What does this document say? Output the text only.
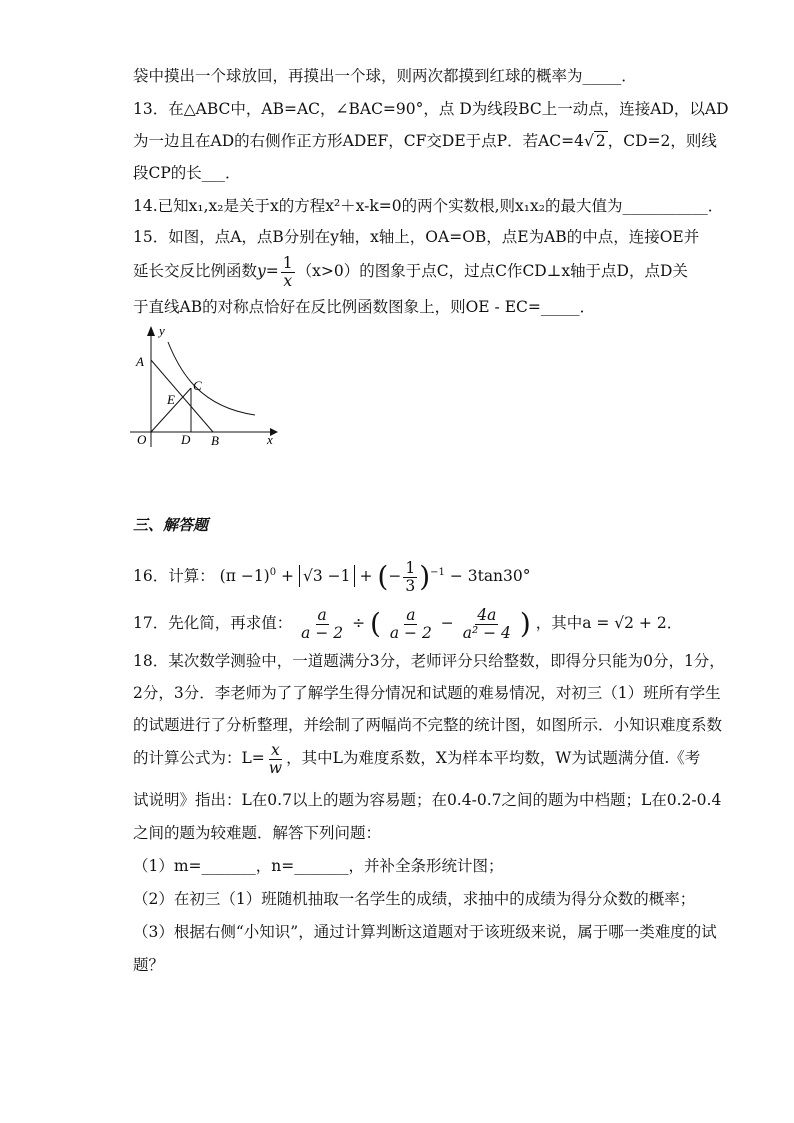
袋中摸出一个球放回，再摸出一个球，则两次都摸到红球的概率为_____．
13．在△ABC中，AB=AC，∠BAC=90°，点 D为线段BC上一动点，连接AD，以AD
为一边且在AD的右侧作正方形ADEF，CF交DE于点P．若AC=4√ 2 ，CD=2，则线
段CP的长___．
14.已知x₁,x₂是关于x的方程x²＋x-k=0的两个实数根,则x₁x₂的最大值为___________．
15．如图，点A，点B分别在y轴，x轴上，OA=OB，点E为AB的中点，连接OE并
延长交反比例函数$y= \frac{1}{x} (x>0)$的图象于点C，过点C作CD⊥x轴于点D，点D关
于直线AB的对称点恰好在反比例函数图象上，则OE - EC=_____．
y
x
A
C
E
O	D B
三、解答题
16．计算： $(\pi -1)^0 + √3 -1$ + (− $\frac{1}{3} )^{-1} - 3\tan 30^\circ$
17．先化简，再求值： $\frac{a}{a - 2}$ ÷ ( $\frac{a}{a - 2} - \frac{4a}{\text{a² − 4}}$ ) ，其中a = √2 + 2．
18．某次数学测验中，一道题满分3分，老师评分只给整数，即得分只能为0分，1分，
2分，3分．李老师为了了解学生得分情况和试题的难易情况，对初三（1）班所有学生
的试题进行了分析整理，并绘制了两幅尚不完整的统计图，如图所示．小知识难度系数
的计算公式为：$L= \frac{x}{w}$ ，其中L为难度系数，X为样本平均数，W为试题满分值.《考
试说明》指出：L在0.7以上的题为容易题；在0.4-0.7之间的题为中档题；L在0.2-0.4
之间的题为较难题．解答下列问题：
（1）m=_______，n=_______，并补全条形统计图；
（2）在初三（1）班随机抽取一名学生的成绩，求抽中的成绩为得分众数的概率；
（3）根据右侧“小知识”，通过计算判断这道题对于该班级来说，属于哪一类难度的试
题？
